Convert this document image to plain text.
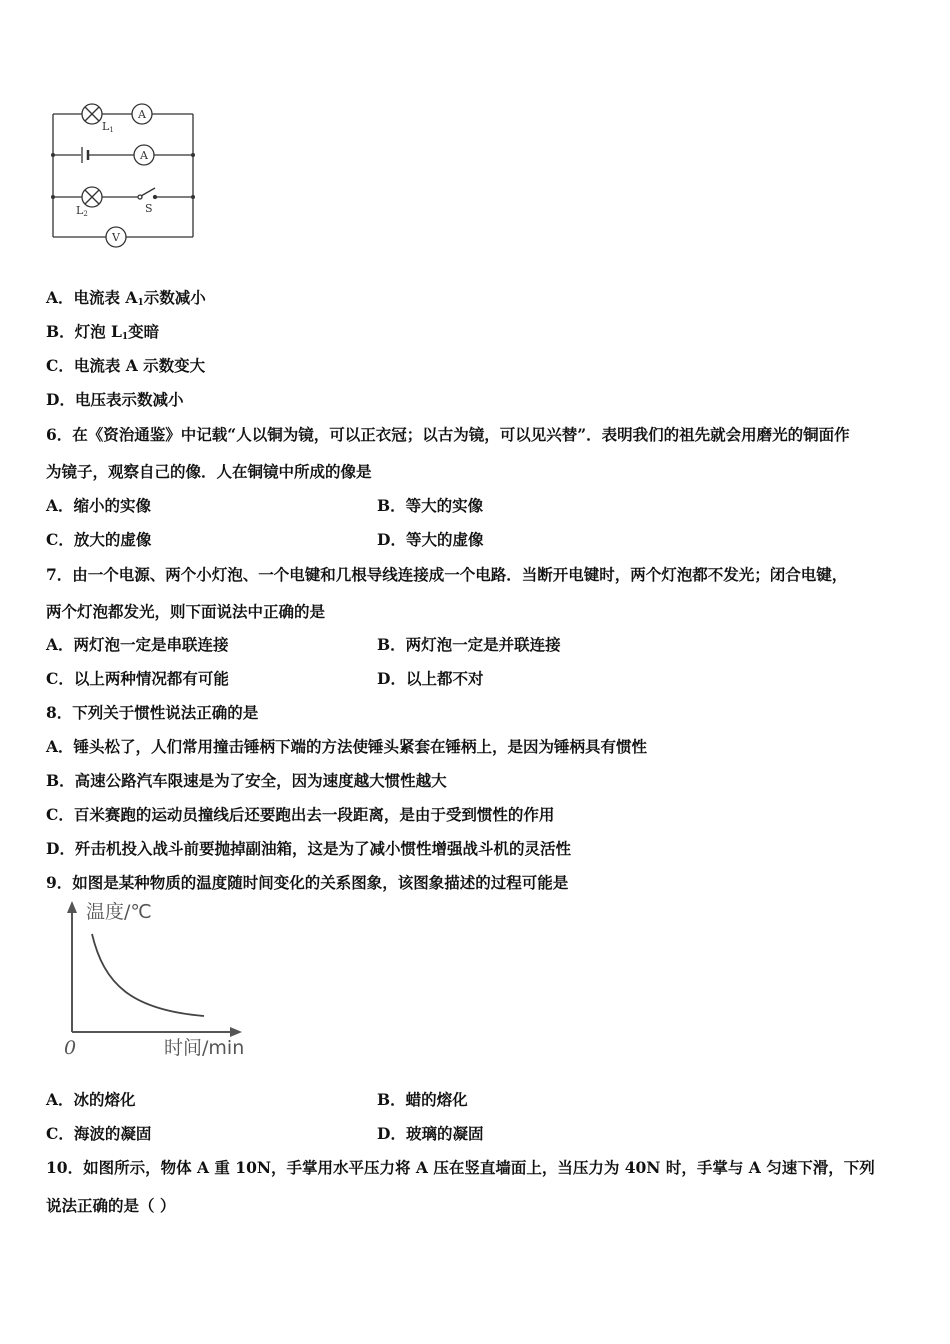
L1
A
A
L2	S
V
A．电流表 $A_1$示数减小
B．灯泡 $L_1$变暗
C．电流表 A 示数变大
D．电压表示数减小
6．在《资治通鉴》中记载“人以铜为镜，可以正衣冠；以古为镜，可以见兴替”．表明我们的祖先就会用磨光的铜面作
为镜子，观察自己的像．人在铜镜中所成的像是
A．缩小的实像	B．等大的实像
C．放大的虚像	D．等大的虚像
7．由一个电源、两个小灯泡、一个电键和几根导线连接成一个电路．当断开电键时，两个灯泡都不发光；闭合电键，
两个灯泡都发光，则下面说法中正确的是
A．两灯泡一定是串联连接	B．两灯泡一定是并联连接
C．以上两种情况都有可能	D．以上都不对
8．下列关于惯性说法正确的是
A．锤头松了，人们常用撞击锤柄下端的方法使锤头紧套在锤柄上，是因为锤柄具有惯性
B．高速公路汽车限速是为了安全，因为速度越大惯性越大
C．百米赛跑的运动员撞线后还要跑出去一段距离，是由于受到惯性的作用
D．歼击机投入战斗前要抛掉副油箱，这是为了减小惯性增强战斗机的灵活性
9．如图是某种物质的温度随时间变化的关系图象，该图象描述的过程可能是
温度/℃
时间/min
0
A．冰的熔化	B．蜡的熔化
C．海波的凝固	D．玻璃的凝固
10．如图所示，物体 A 重 10N，手掌用水平压力将 A 压在竖直墙面上，当压力为 40N 时，手掌与 A 匀速下滑，下列
说法正确的是（ ）
